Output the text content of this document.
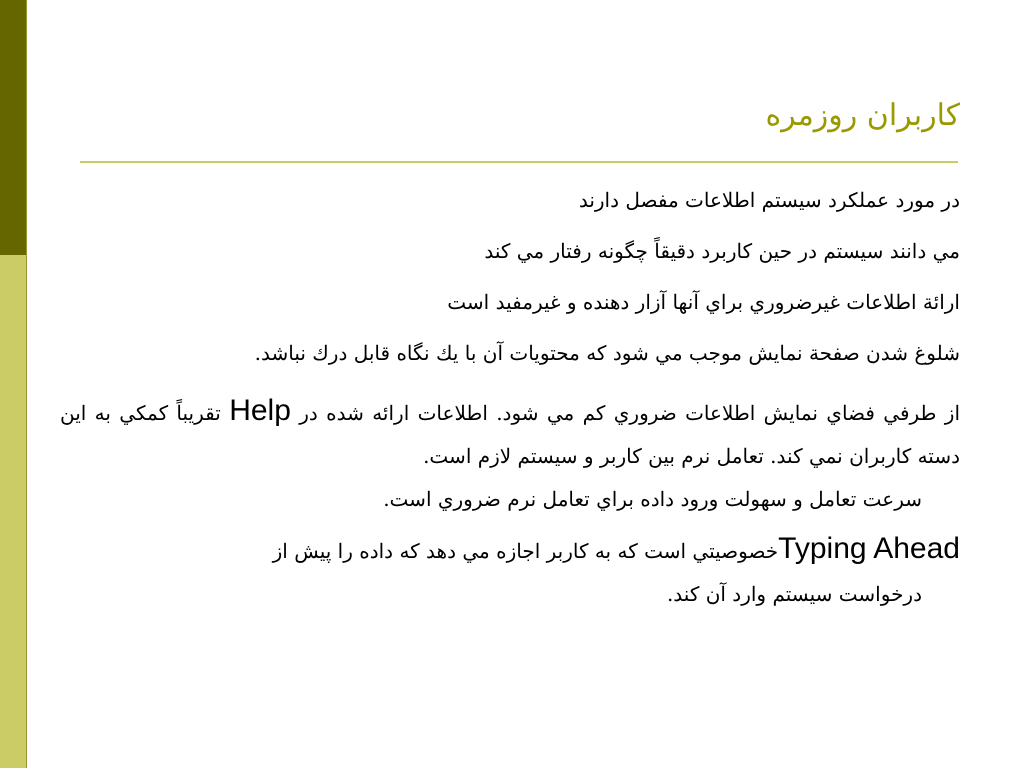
كاربران روزمره

در مورد عملكرد سيستم اطلاعات مفصل دارند

مي دانند سيستم در حين كاربرد دقيقاً چگونه رفتار مي كند

ارائة اطلاعات غيرضروري براي آنها آزار دهنده و غيرمفيد است

شلوغ شدن صفحة نمايش موجب مي شود كه محتويات آن با يك نگاه قابل درك نباشد.

از طرفي فضاي نمايش اطلاعات ضروري كم مي شود. اطلاعات ارائه شده در Help تقريباً كمكي به اين دسته كاربران نمي كند. تعامل نرم بين كاربر و سيستم لازم است.
سرعت تعامل و سهولت ورود داده براي تعامل نرم ضروري است.

Typing Aheadخصوصيتي است كه به كاربر اجازه مي دهد كه داده را پيش از
درخواست سيستم وارد آن كند.
